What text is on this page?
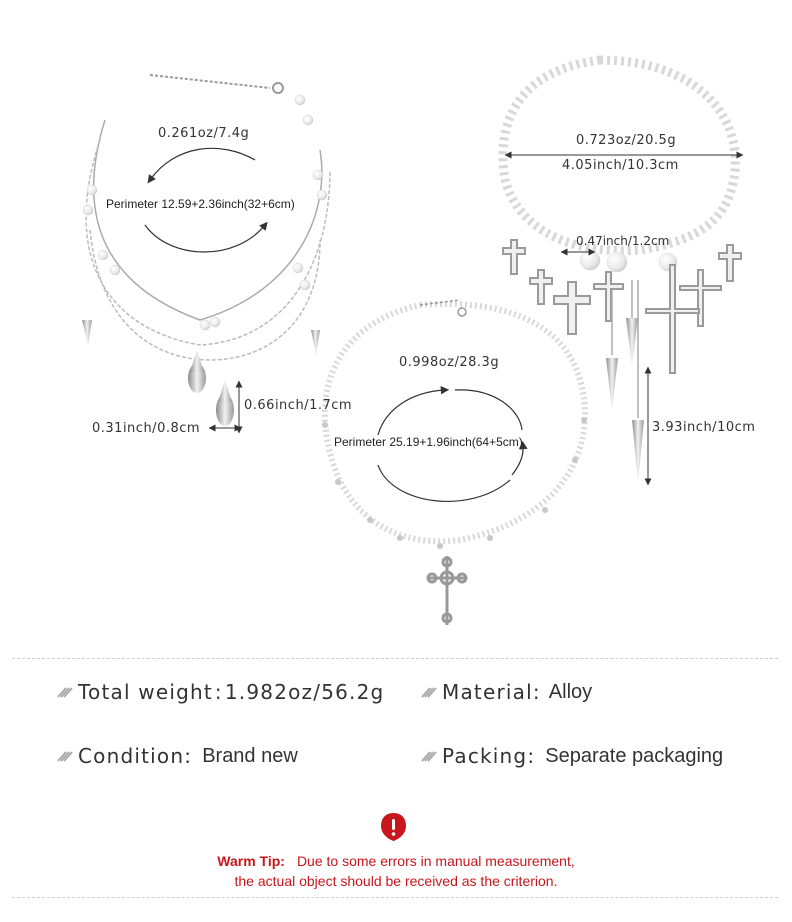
0.261oz/7.4g
Perimeter 12.59+2.36inch(32+6cm)
0.66inch/1.7cm
0.31inch/0.8cm
0.998oz/28.3g
Perimeter 25.19+1.96inch(64+5cm)
0.723oz/20.5g
4.05inch/10.3cm
0.47inch/1.2cm
3.93inch/10cm
Total weight : 1.982oz/56.2g	Material: Alloy
Condition: Brand new	Packing: Separate packaging
Warm Tip: Due to some errors in manual measurement,
the actual object should be received as the criterion.
